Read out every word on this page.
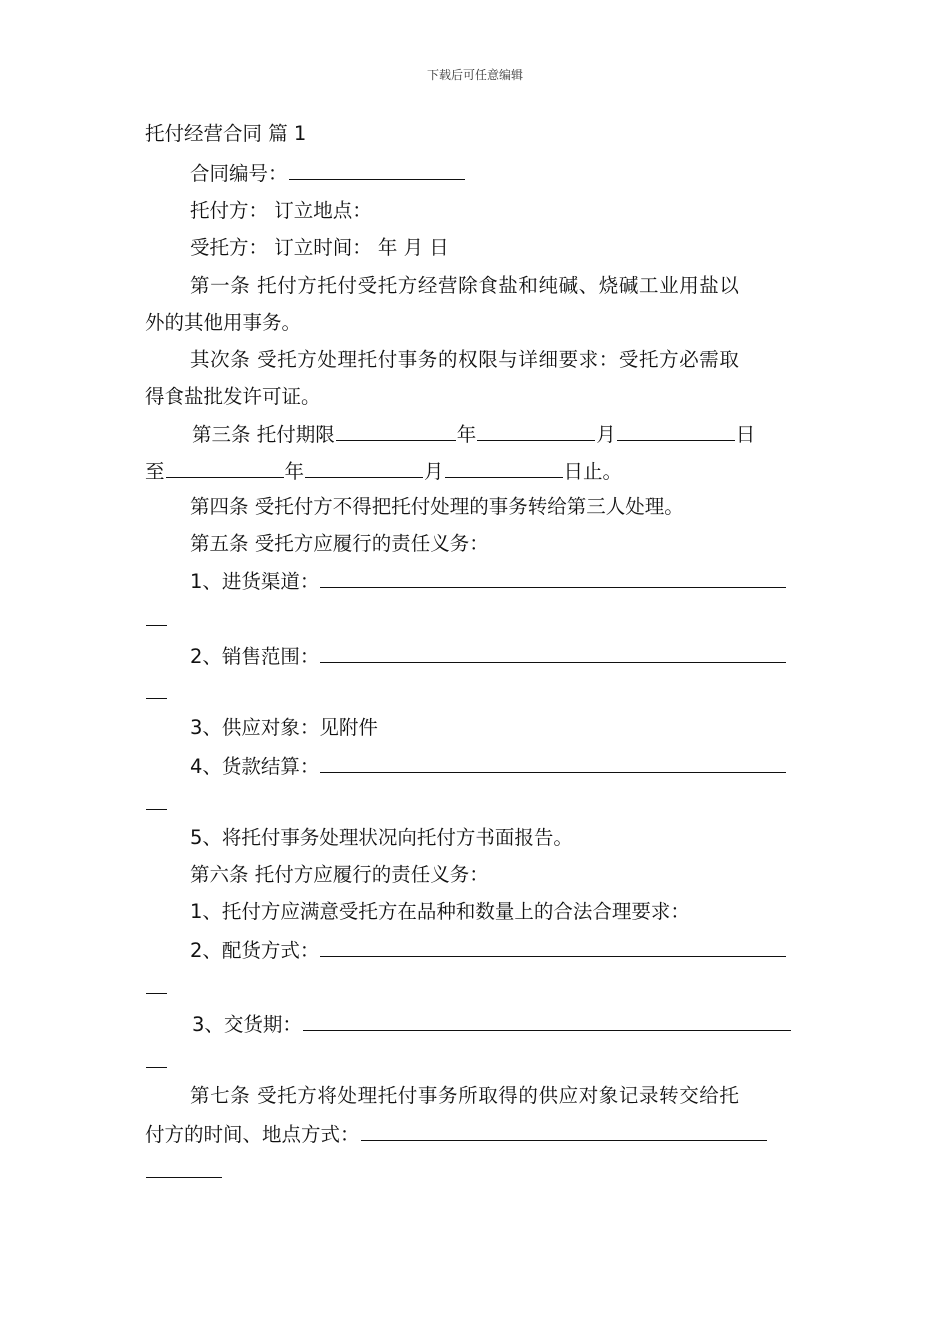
下载后可任意编辑
托付经营合同 篇 1
合同编号：
托付方： 订立地点：
受托方： 订立时间： 年 月 日
第一条 托付方托付受托方经营除食盐和纯碱、烧碱工业用盐以
外的其他用事务。
其次条 受托方处理托付事务的权限与详细要求：受托方必需取
得食盐批发许可证。
第三条 托付期限	年	月	日
至	年	月	日止。
第四条 受托付方不得把托付处理的事务转给第三人处理。
第五条 受托方应履行的责任义务：
1、进货渠道：
2、销售范围：
3、供应对象：见附件
4、货款结算：
5、将托付事务处理状况向托付方书面报告。
第六条 托付方应履行的责任义务：
1、托付方应满意受托方在品种和数量上的合法合理要求：
2、配货方式：
3、交货期：
第七条 受托方将处理托付事务所取得的供应对象记录转交给托
付方的时间、地点方式：
